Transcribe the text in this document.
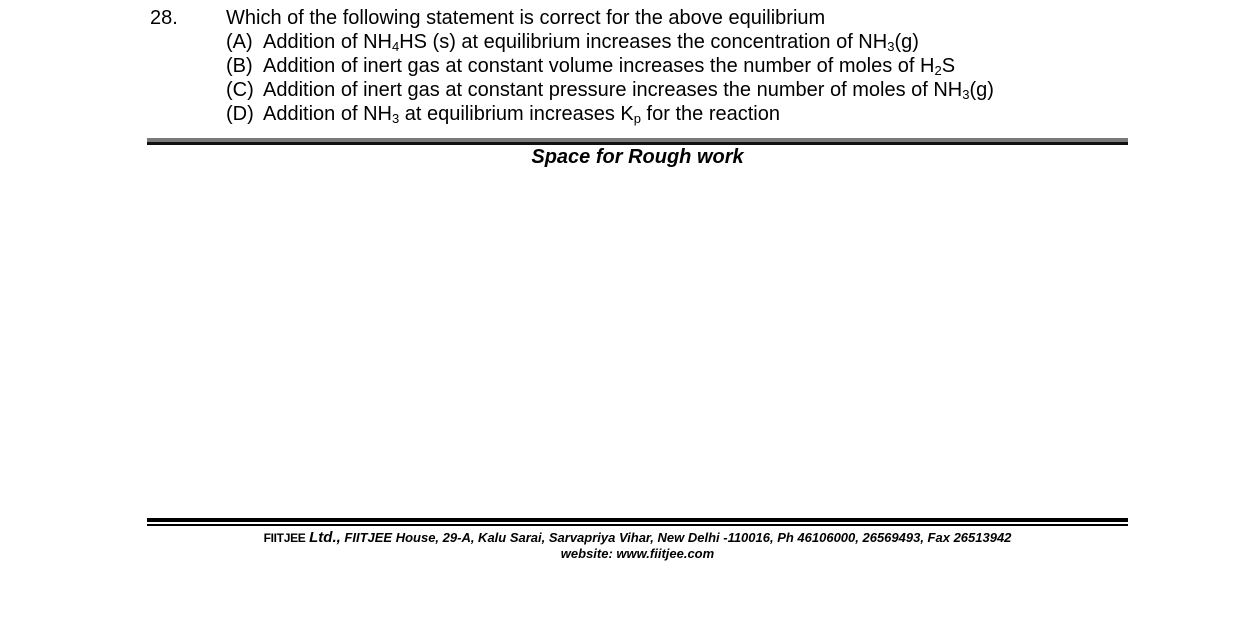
28. Which of the following statement is correct for the above equilibrium
(A) Addition of $NH_4HS$ (s) at equilibrium increases the concentration of $NH_3(g)$
(B) Addition of inert gas at constant volume increases the number of moles of $H_2S$
(C) Addition of inert gas at constant pressure increases the number of moles of $NH_3(g)$
(D) Addition of $NH_3$ at equilibrium increases $K_p$ for the reaction
Space for Rough work
FIITJEE Ltd., FIITJEE House, 29-A, Kalu Sarai, Sarvapriya Vihar, New Delhi -110016, Ph 46106000, 26569493, Fax 26513942
website: www.fiitjee.com
